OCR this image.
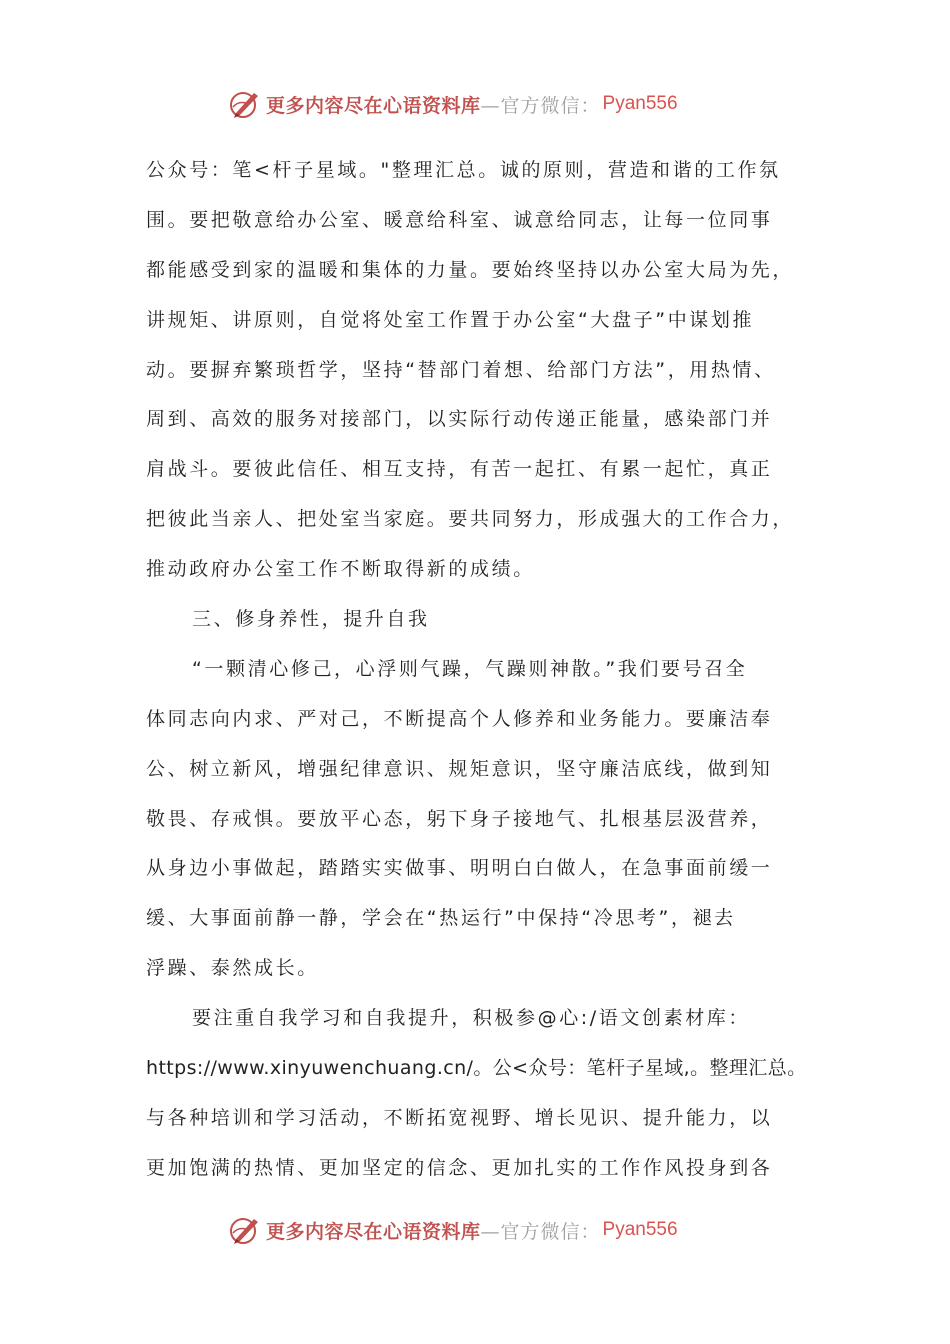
更多内容尽在心语资料库 —官方微信： Pyan556
公众号：笔<杆子星域。"整理汇总。诚的原则，营造和谐的工作氛
围。要把敬意给办公室、暖意给科室、诚意给同志，让每一位同事
都能感受到家的温暖和集体的力量。要始终坚持以办公室大局为先，
讲规矩、讲原则，自觉将处室工作置于办公室“大盘子”中谋划推
动。要摒弃繁琐哲学，坚持“替部门着想、给部门方法”，用热情、
周到、高效的服务对接部门，以实际行动传递正能量，感染部门并
肩战斗。要彼此信任、相互支持，有苦一起扛、有累一起忙，真正
把彼此当亲人、把处室当家庭。要共同努力，形成强大的工作合力，
推动政府办公室工作不断取得新的成绩。
三、修身养性，提升自我
“一颗清心修己，心浮则气躁，气躁则神散。”我们要号召全
体同志向内求、严对己，不断提高个人修养和业务能力。要廉洁奉
公、树立新风，增强纪律意识、规矩意识，坚守廉洁底线，做到知
敬畏、存戒惧。要放平心态，躬下身子接地气、扎根基层汲营养，
从身边小事做起，踏踏实实做事、明明白白做人，在急事面前缓一
缓、大事面前静一静，学会在“热运行”中保持“冷思考”，褪去
浮躁、泰然成长。
要注重自我学习和自我提升，积极参@心:/语文创素材库：
https://www.xinyuwenchuang.cn/。公<众号：笔杆子星域,。整理汇总。
与各种培训和学习活动，不断拓宽视野、增长见识、提升能力，以
更加饱满的热情、更加坚定的信念、更加扎实的工作作风投身到各
更多内容尽在心语资料库 —官方微信： Pyan556
